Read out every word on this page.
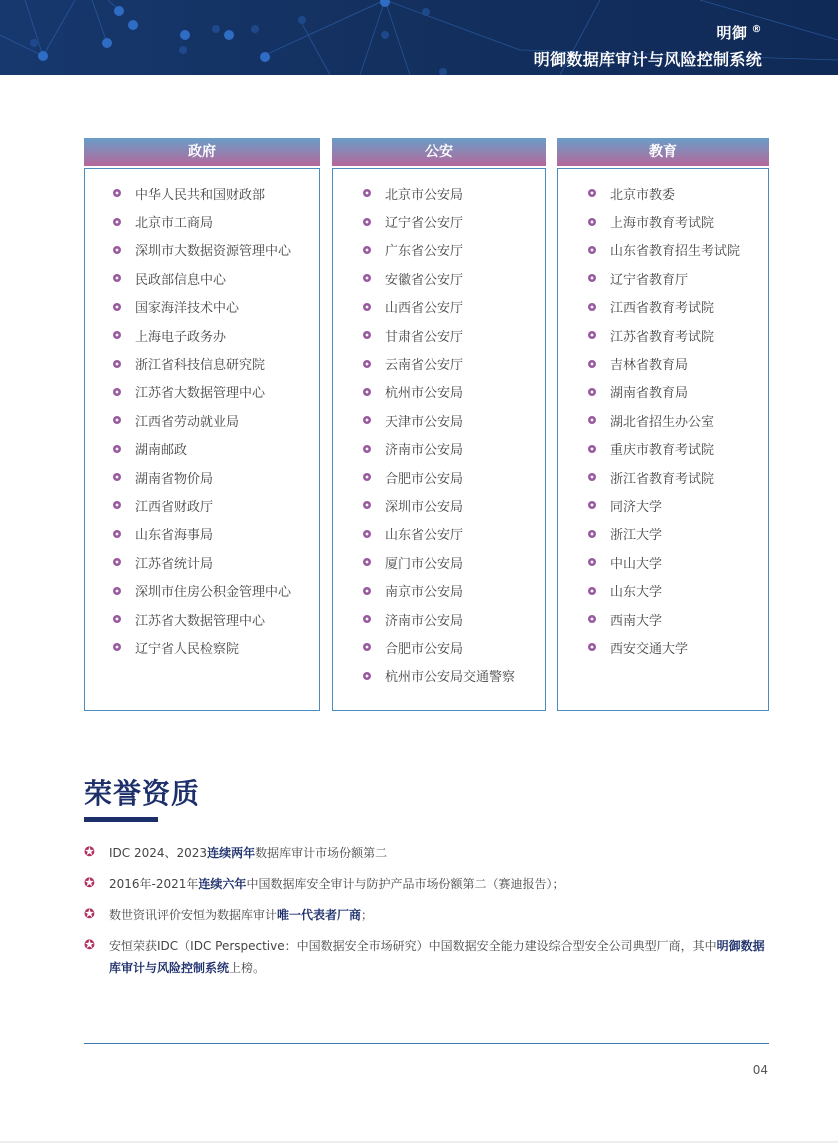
明御 ®
明御数据库审计与风险控制系统
政府
中华人民共和国财政部
北京市工商局
深圳市大数据资源管理中心
民政部信息中心
国家海洋技术中心
上海电子政务办
浙江省科技信息研究院
江苏省大数据管理中心
江西省劳动就业局
湖南邮政
湖南省物价局
江西省财政厅
山东省海事局
江苏省统计局
深圳市住房公积金管理中心
江苏省大数据管理中心
辽宁省人民检察院
公安
北京市公安局
辽宁省公安厅
广东省公安厅
安徽省公安厅
山西省公安厅
甘肃省公安厅
云南省公安厅
杭州市公安局
天津市公安局
济南市公安局
合肥市公安局
深圳市公安局
山东省公安厅
厦门市公安局
南京市公安局
济南市公安局
合肥市公安局
杭州市公安局交通警察
教育
北京市教委
上海市教育考试院
山东省教育招生考试院
辽宁省教育厅
江西省教育考试院
江苏省教育考试院
吉林省教育局
湖南省教育局
湖北省招生办公室
重庆市教育考试院
浙江省教育考试院
同济大学
浙江大学
中山大学
山东大学
西南大学
西安交通大学
荣誉资质
✪	IDC 2024、2023连续两年数据库审计市场份额第二
✪	2016年-2021年连续六年中国数据库安全审计与防护产品市场份额第二（赛迪报告）；
✪	数世资讯评价安恒为数据库审计唯一代表者厂商；
✪	安恒荣获IDC（IDC Perspective：中国数据安全市场研究）中国数据安全能力建设综合型安全公司典型厂商，其中明御数据库审计与风险控制系统上榜。
04
